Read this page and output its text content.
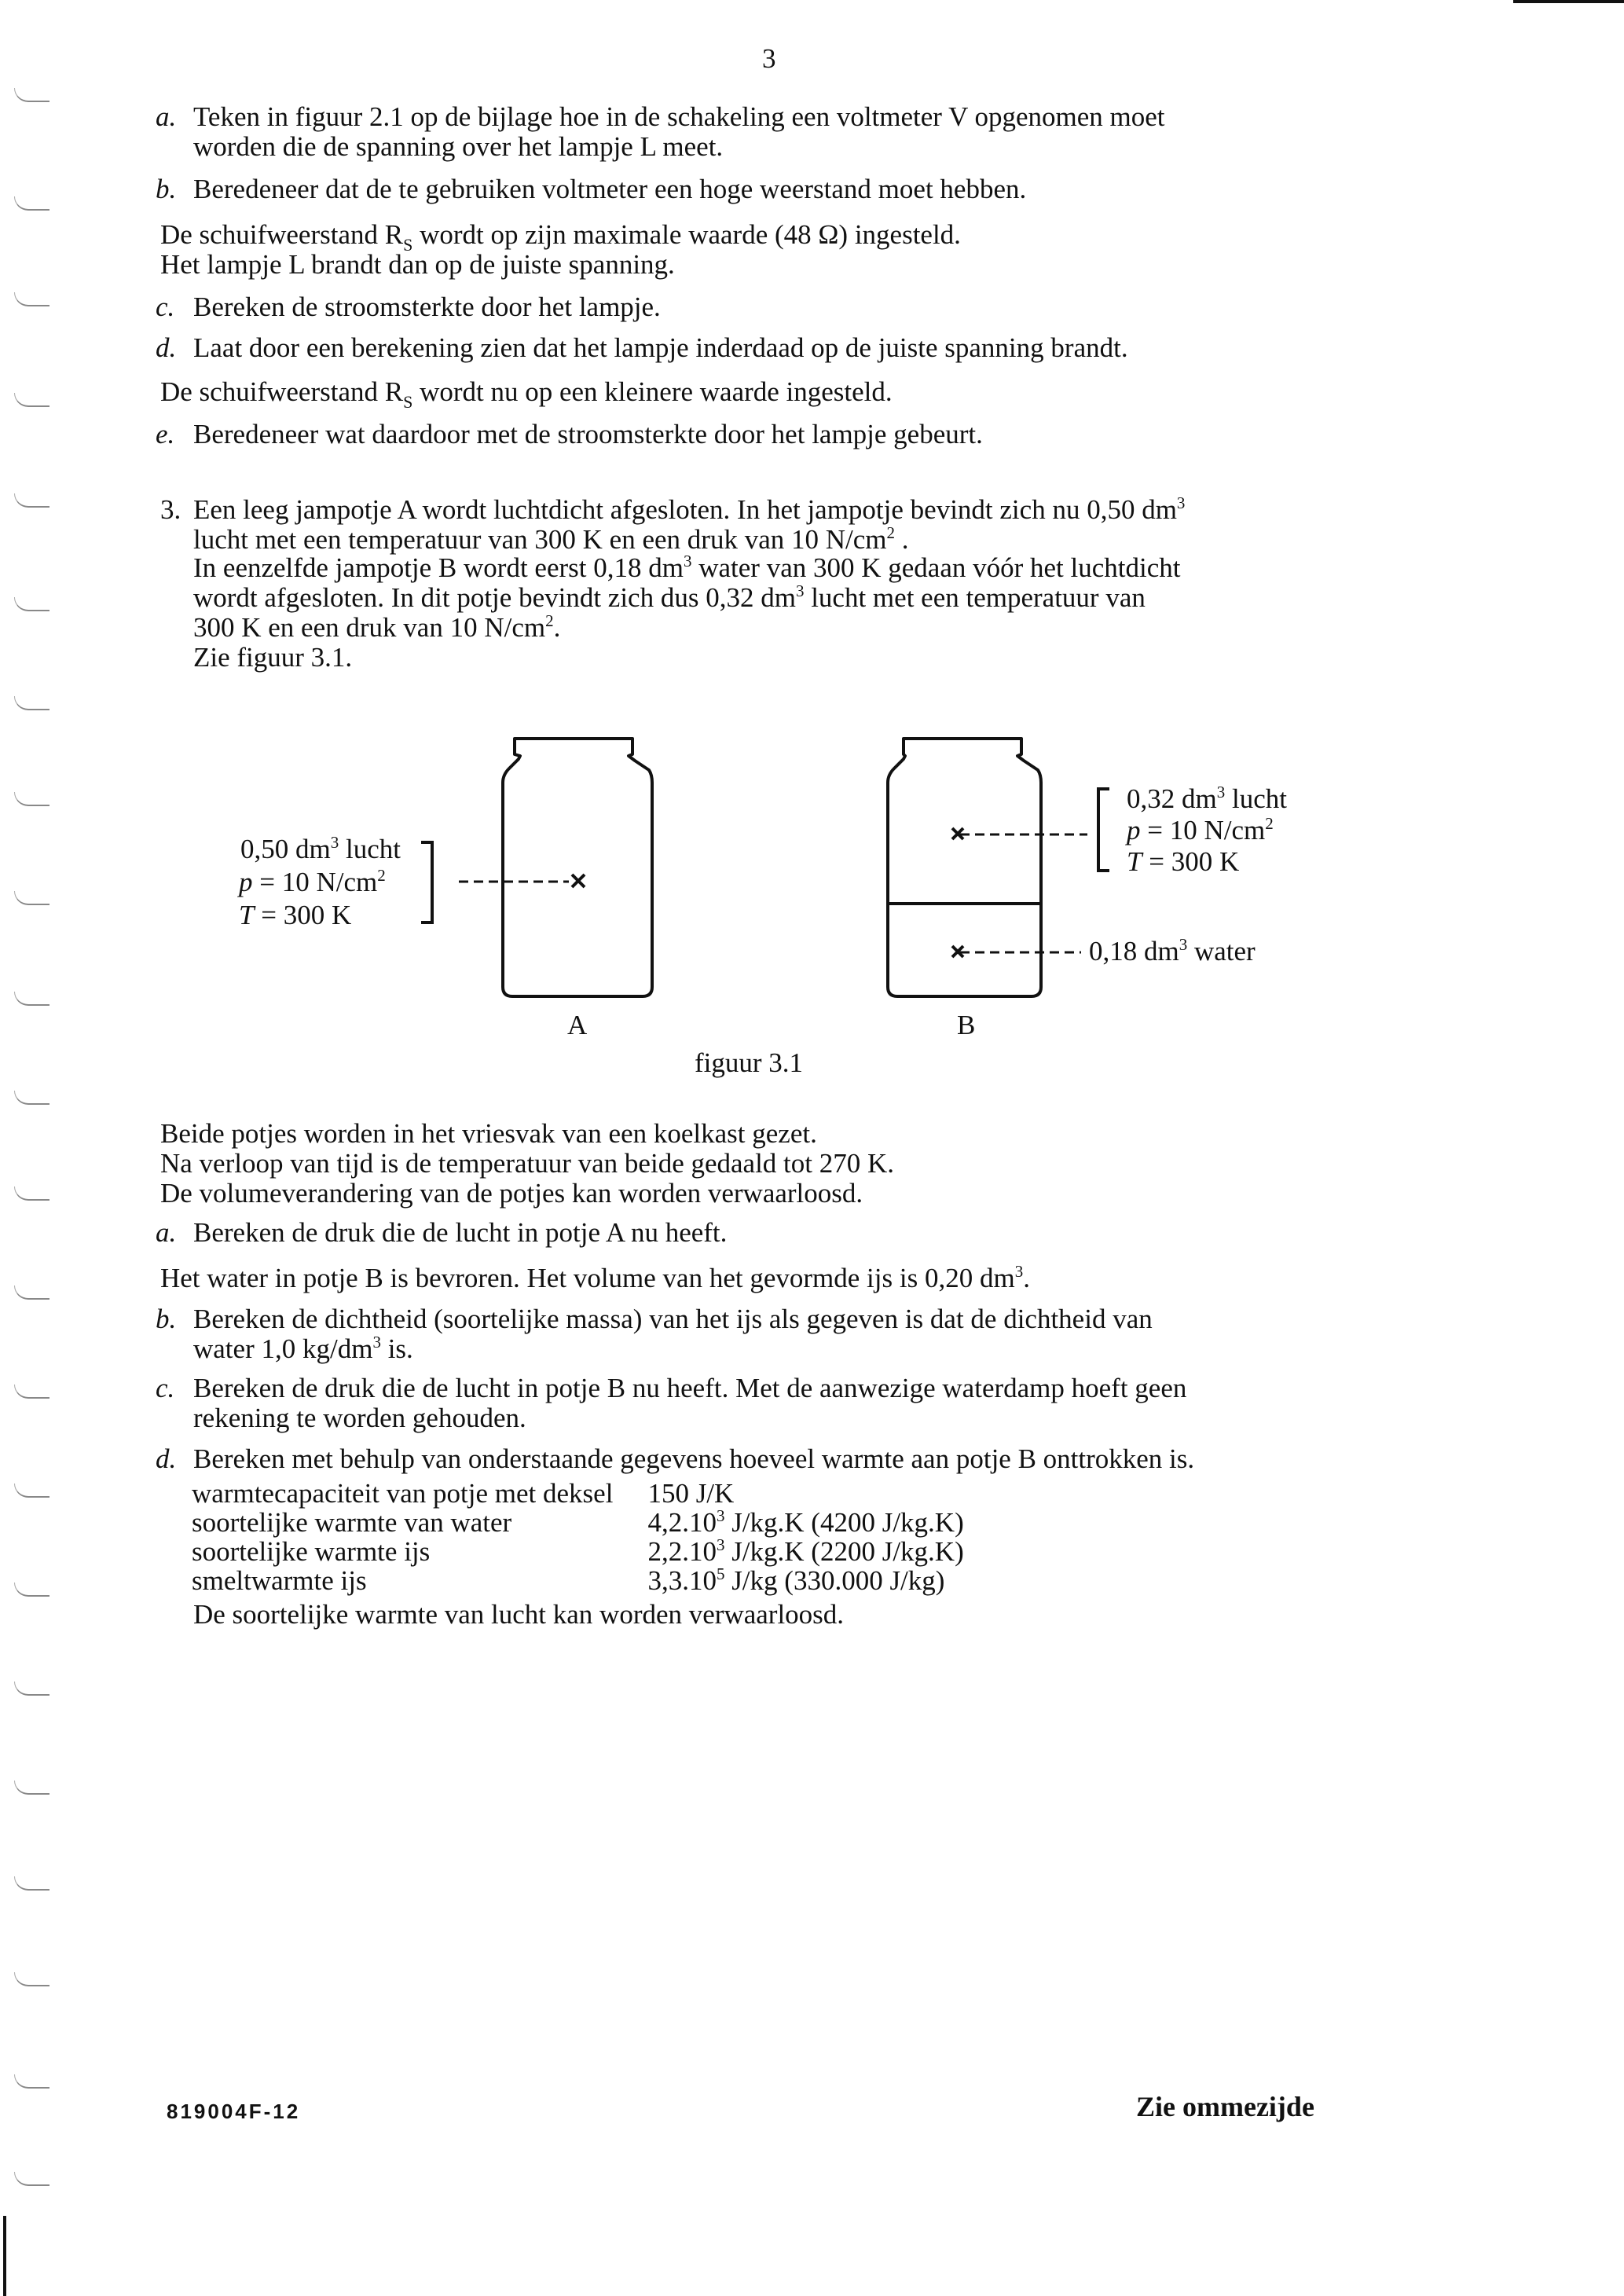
3
a. Teken in figuur 2.1 op de bijlage hoe in de schakeling een voltmeter V opgenomen moet
worden die de spanning over het lampje L meet.
b. Beredeneer dat de te gebruiken voltmeter een hoge weerstand moet hebben.
De schuifweerstand $R_S$ wordt op zijn maximale waarde (48 Ω) ingesteld.
Het lampje L brandt dan op de juiste spanning.
c. Bereken de stroomsterkte door het lampje.
d. Laat door een berekening zien dat het lampje inderdaad op de juiste spanning brandt.
De schuifweerstand $R_S$ wordt nu op een kleinere waarde ingesteld.
e. Beredeneer wat daardoor met de stroomsterkte door het lampje gebeurt.
3. Een leeg jampotje A wordt luchtdicht afgesloten. In het jampotje bevindt zich nu 0,50 $dm^3$
lucht met een temperatuur van 300 K en een druk van 10 $N/cm^2$ .
In eenzelfde jampotje B wordt eerst 0,18 $dm^3$ water van 300 K gedaan vóór het luchtdicht
wordt afgesloten. In dit potje bevindt zich dus 0,32 $dm^3$ lucht met een temperatuur van
300 K en een druk van 10 $N/cm^2$.
Zie figuur 3.1.
0,50 $dm^3$ lucht
p = 10 $N/cm^2$
T = 300 K
A
0,32 $dm^3$ lucht
p = 10 $N/cm^2$
T = 300 K
0,18 $dm^3$ water
B
figuur 3.1
Beide potjes worden in het vriesvak van een koelkast gezet.
Na verloop van tijd is de temperatuur van beide gedaald tot 270 K.
De volumeverandering van de potjes kan worden verwaarloosd.
a. Bereken de druk die de lucht in potje A nu heeft.
Het water in potje B is bevroren. Het volume van het gevormde ijs is 0,20 $dm^3$.
b. Bereken de dichtheid (soortelijke massa) van het ijs als gegeven is dat de dichtheid van
water 1,0 $kg/dm^3$ is.
c. Bereken de druk die de lucht in potje B nu heeft. Met de aanwezige waterdamp hoeft geen
rekening te worden gehouden.
d. Bereken met behulp van onderstaande gegevens hoeveel warmte aan potje B onttrokken is.
warmtecapaciteit van potje met deksel	150 J/K
soortelijke warmte van water	4,2.10$^3$ J/kg.K (4200 J/kg.K)
soortelijke warmte ijs	2,2.10$^3$ J/kg.K (2200 J/kg.K)
smeltwarmte ijs	3,3.10$^5$ J/kg (330.000 J/kg)
De soortelijke warmte van lucht kan worden verwaarloosd.
819004F-12	Zie ommezijde
